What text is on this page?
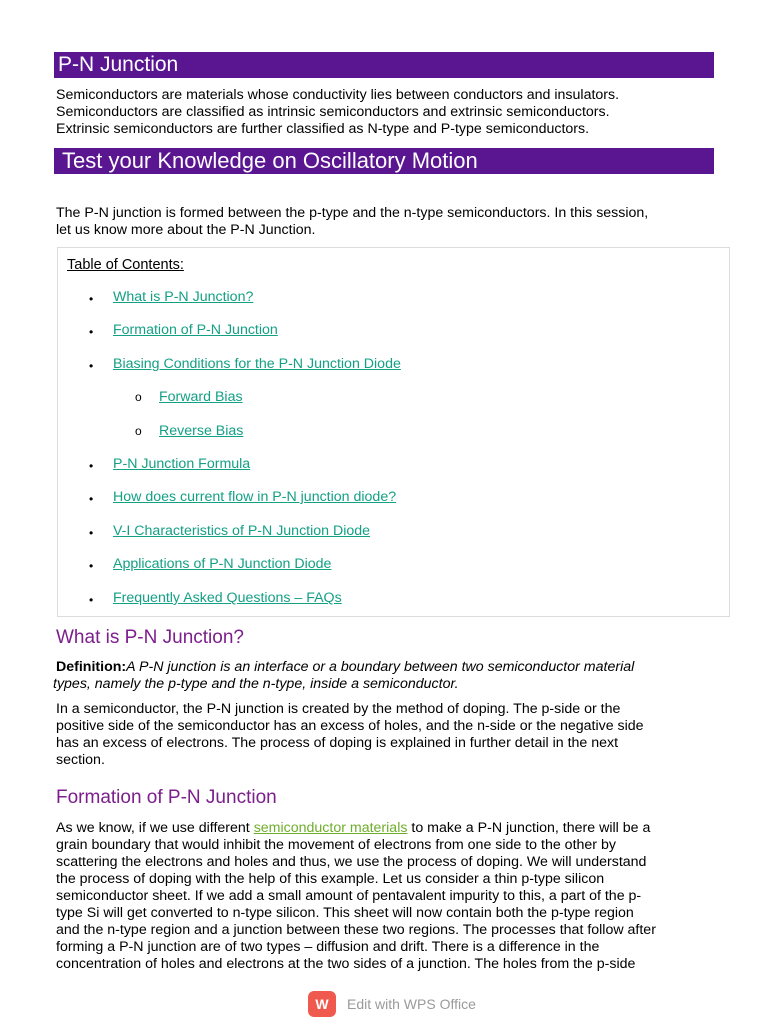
P-N Junction
Semiconductors are materials whose conductivity lies between conductors and insulators.
Semiconductors are classified as intrinsic semiconductors and extrinsic semiconductors.
Extrinsic semiconductors are further classified as N-type and P-type semiconductors.
Test your Knowledge on Oscillatory Motion
The P-N junction is formed between the p-type and the n-type semiconductors. In this session,
let us know more about the P-N Junction.
Table of Contents:
• What is P-N Junction?
• Formation of P-N Junction
• Biasing Conditions for the P-N Junction Diode
o Forward Bias
o Reverse Bias
• P-N Junction Formula
• How does current flow in P-N junction diode?
• V-I Characteristics of P-N Junction Diode
• Applications of P-N Junction Diode
• Frequently Asked Questions – FAQs
What is P-N Junction?
Definition:A P-N junction is an interface or a boundary between two semiconductor material
types, namely the p-type and the n-type, inside a semiconductor.
In a semiconductor, the P-N junction is created by the method of doping. The p-side or the
positive side of the semiconductor has an excess of holes, and the n-side or the negative side
has an excess of electrons. The process of doping is explained in further detail in the next
section.
Formation of P-N Junction
As we know, if we use different semiconductor materials to make a P-N junction, there will be a
grain boundary that would inhibit the movement of electrons from one side to the other by
scattering the electrons and holes and thus, we use the process of doping. We will understand
the process of doping with the help of this example. Let us consider a thin p-type silicon
semiconductor sheet. If we add a small amount of pentavalent impurity to this, a part of the p-
type Si will get converted to n-type silicon. This sheet will now contain both the p-type region
and the n-type region and a junction between these two regions. The processes that follow after
forming a P-N junction are of two types – diffusion and drift. There is a difference in the
concentration of holes and electrons at the two sides of a junction. The holes from the p-side
W	Edit with WPS Office
